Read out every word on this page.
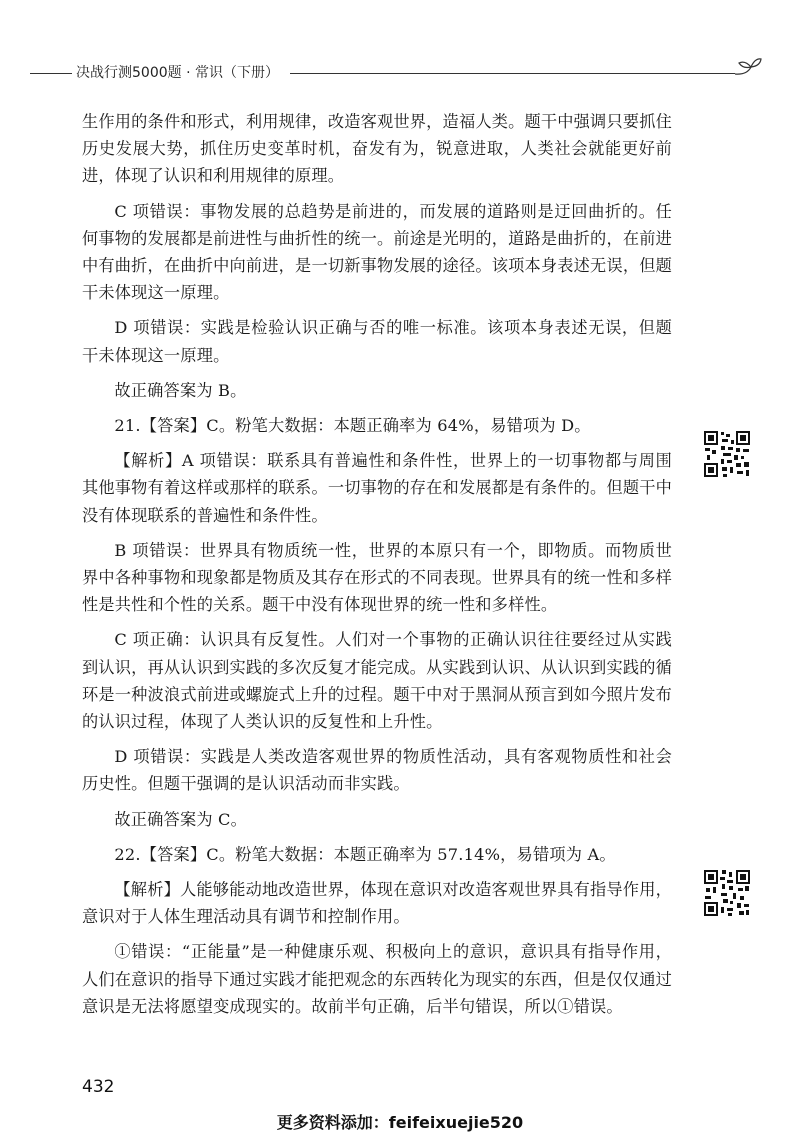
决战行测5000题 · 常识（下册）

生作用的条件和形式，利用规律，改造客观世界，造福人类。题干中强调只要抓住历史发展大势，抓住历史变革时机，奋发有为，锐意进取，人类社会就能更好前进，体现了认识和利用规律的原理。

C 项错误：事物发展的总趋势是前进的，而发展的道路则是迂回曲折的。任何事物的发展都是前进性与曲折性的统一。前途是光明的，道路是曲折的，在前进中有曲折，在曲折中向前进，是一切新事物发展的途径。该项本身表述无误，但题干未体现这一原理。

D 项错误：实践是检验认识正确与否的唯一标准。该项本身表述无误，但题干未体现这一原理。

故正确答案为 B。

21.【答案】C。粉笔大数据：本题正确率为 64%，易错项为 D。

【解析】A 项错误：联系具有普遍性和条件性，世界上的一切事物都与周围其他事物有着这样或那样的联系。一切事物的存在和发展都是有条件的。但题干中没有体现联系的普遍性和条件性。

B 项错误：世界具有物质统一性，世界的本原只有一个，即物质。而物质世界中各种事物和现象都是物质及其存在形式的不同表现。世界具有的统一性和多样性是共性和个性的关系。题干中没有体现世界的统一性和多样性。

C 项正确：认识具有反复性。人们对一个事物的正确认识往往要经过从实践到认识，再从认识到实践的多次反复才能完成。从实践到认识、从认识到实践的循环是一种波浪式前进或螺旋式上升的过程。题干中对于黑洞从预言到如今照片发布的认识过程，体现了人类认识的反复性和上升性。

D 项错误：实践是人类改造客观世界的物质性活动，具有客观物质性和社会历史性。但题干强调的是认识活动而非实践。

故正确答案为 C。

22.【答案】C。粉笔大数据：本题正确率为 57.14%，易错项为 A。

【解析】人能够能动地改造世界，体现在意识对改造客观世界具有指导作用，意识对于人体生理活动具有调节和控制作用。

①错误：“正能量”是一种健康乐观、积极向上的意识，意识具有指导作用，人们在意识的指导下通过实践才能把观念的东西转化为现实的东西，但是仅仅通过意识是无法将愿望变成现实的。故前半句正确，后半句错误，所以①错误。

432
更多资料添加：feifeixuejie520
